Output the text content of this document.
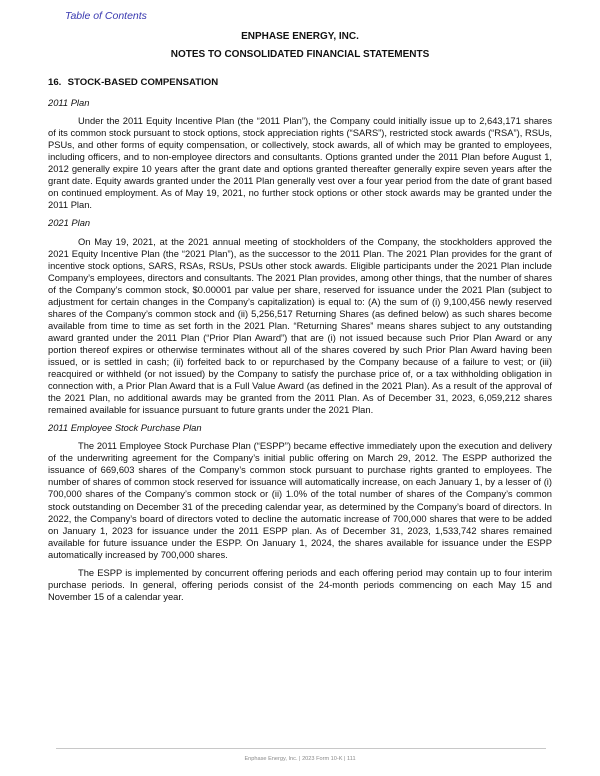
Table of Contents
ENPHASE ENERGY, INC.
NOTES TO CONSOLIDATED FINANCIAL STATEMENTS
16. STOCK-BASED COMPENSATION
2011 Plan

Under the 2011 Equity Incentive Plan (the “2011 Plan”), the Company could initially issue up to 2,643,171 shares of its common stock pursuant to stock options, stock appreciation rights (“SARS”), restricted stock awards (“RSA”), RSUs, PSUs, and other forms of equity compensation, or collectively, stock awards, all of which may be granted to employees, including officers, and to non-employee directors and consultants. Options granted under the 2011 Plan before August 1, 2012 generally expire 10 years after the grant date and options granted thereafter generally expire seven years after the grant date. Equity awards granted under the 2011 Plan generally vest over a four year period from the date of grant based on continued employment. As of May 19, 2021, no further stock options or other stock awards may be granted under the 2011 Plan.

2021 Plan

On May 19, 2021, at the 2021 annual meeting of stockholders of the Company, the stockholders approved the 2021 Equity Incentive Plan (the “2021 Plan”), as the successor to the 2011 Plan. The 2021 Plan provides for the grant of incentive stock options, SARS, RSAs, RSUs, PSUs other stock awards. Eligible participants under the 2021 Plan include Company’s employees, directors and consultants. The 2021 Plan provides, among other things, that the number of shares of the Company’s common stock, $0.00001 par value per share, reserved for issuance under the 2021 Plan (subject to adjustment for certain changes in the Company’s capitalization) is equal to: (A) the sum of (i) 9,100,456 newly reserved shares of the Company’s common stock and (ii) 5,256,517 Returning Shares (as defined below) as such shares become available from time to time as set forth in the 2021 Plan. “Returning Shares” means shares subject to any outstanding award granted under the 2011 Plan (“Prior Plan Award”) that are (i) not issued because such Prior Plan Award or any portion thereof expires or otherwise terminates without all of the shares covered by such Prior Plan Award having been issued, or is settled in cash; (ii) forfeited back to or repurchased by the Company because of a failure to vest; or (iii) reacquired or withheld (or not issued) by the Company to satisfy the purchase price of, or a tax withholding obligation in connection with, a Prior Plan Award that is a Full Value Award (as defined in the 2021 Plan). As a result of the approval of the 2021 Plan, no additional awards may be granted from the 2011 Plan. As of December 31, 2023, 6,059,212 shares remained available for issuance pursuant to future grants under the 2021 Plan.

2011 Employee Stock Purchase Plan

The 2011 Employee Stock Purchase Plan (“ESPP”) became effective immediately upon the execution and delivery of the underwriting agreement for the Company’s initial public offering on March 29, 2012. The ESPP authorized the issuance of 669,603 shares of the Company’s common stock pursuant to purchase rights granted to employees. The number of shares of common stock reserved for issuance will automatically increase, on each January 1, by a lesser of (i) 700,000 shares of the Company’s common stock or (ii) 1.0% of the total number of shares of the Company’s common stock outstanding on December 31 of the preceding calendar year, as determined by the Company’s board of directors. In 2022, the Company’s board of directors voted to decline the automatic increase of 700,000 shares that were to be added on January 1, 2023 for issuance under the 2011 ESPP plan. As of December 31, 2023, 1,533,742 shares remained available for future issuance under the ESPP. On January 1, 2024, the shares available for issuance under the ESPP automatically increased by 700,000 shares.

The ESPP is implemented by concurrent offering periods and each offering period may contain up to four interim purchase periods. In general, offering periods consist of the 24-month periods commencing on each May 15 and November 15 of a calendar year.

Enphase Energy, Inc. | 2023 Form 10-K | 111
